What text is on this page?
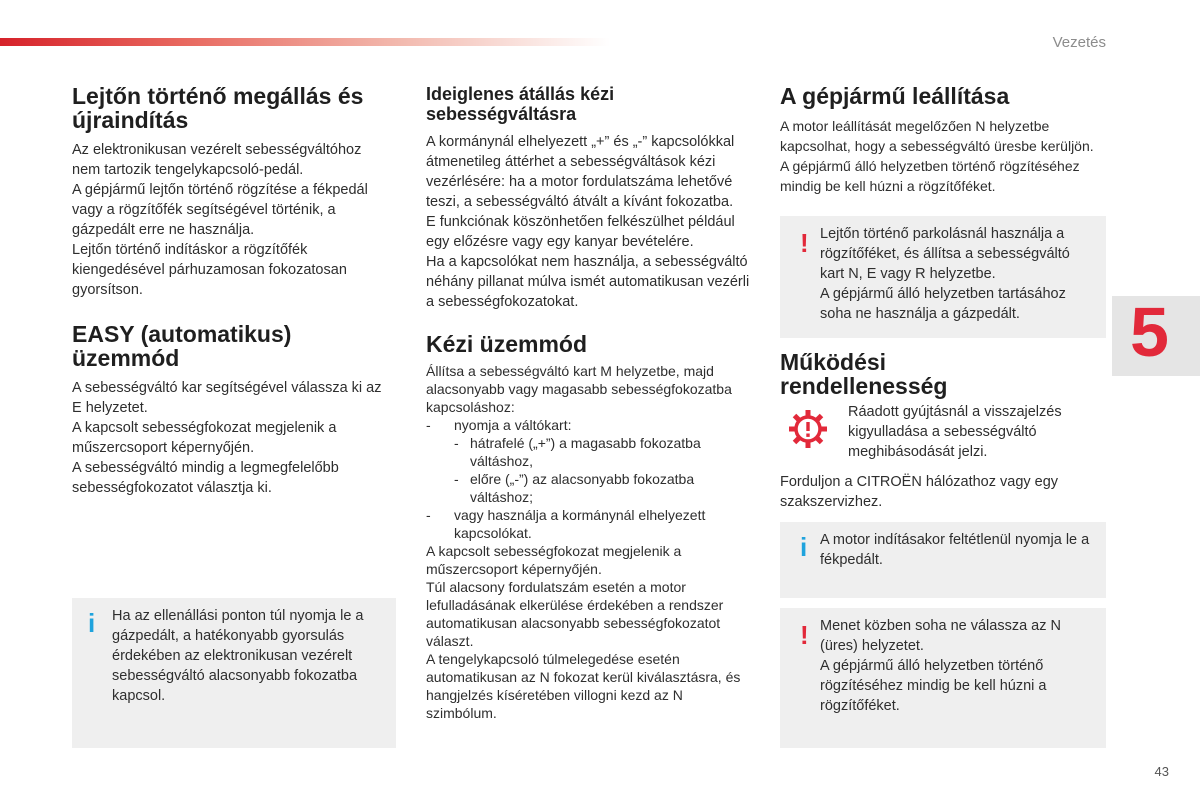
Vezetés
5
43
Lejtőn történő megállás és újraindítás

Az elektronikusan vezérelt sebességváltóhoz nem tartozik tengelykapcsoló-pedál.

A gépjármű lejtőn történő rögzítése a fékpedál vagy a rögzítőfék segítségével történik, a gázpedált erre ne használja.

Lejtőn történő indításkor a rögzítőfék kiengedésével párhuzamosan fokozatosan gyorsítson.

EASY (automatikus) üzemmód

A sebességváltó kar segítségével válassza ki az E helyzetet.

A kapcsolt sebességfokozat megjelenik a műszercsoport képernyőjén.

A sebességváltó mindig a legmegfelelőbb sebességfokozatot választja ki.

i Ha az ellenállási ponton túl nyomja le a gázpedált, a hatékonyabb gyorsulás érdekében az elektronikusan vezérelt sebességváltó alacsonyabb fokozatba kapcsol.

Ideiglenes átállás kézi sebességváltásra

A kormánynál elhelyezett „+” és „-” kapcsolókkal átmenetileg áttérhet a sebességváltások kézi vezérlésére: ha a motor fordulatszáma lehetővé teszi, a sebességváltó átvált a kívánt fokozatba.

E funkciónak köszönhetően felkészülhet például egy előzésre vagy egy kanyar bevételére.

Ha a kapcsolókat nem használja, a sebességváltó néhány pillanat múlva ismét automatikusan vezérli a sebességfokozatokat.

Kézi üzemmód

Állítsa a sebességváltó kart M helyzetbe, majd alacsonyabb vagy magasabb sebességfokozatba kapcsoláshoz:

- nyomja a váltókart:

- hátrafelé („+”) a magasabb fokozatba váltáshoz,

- előre („-”) az alacsonyabb fokozatba váltáshoz;

- vagy használja a kormánynál elhelyezett kapcsolókat.

A kapcsolt sebességfokozat megjelenik a műszercsoport képernyőjén.

Túl alacsony fordulatszám esetén a motor lefulladásának elkerülése érdekében a rendszer automatikusan alacsonyabb sebességfokozatot választ.

A tengelykapcsoló túlmelegedése esetén automatikusan az N fokozat kerül kiválasztásra, és hangjelzés kíséretében villogni kezd az N szimbólum.

A gépjármű leállítása

A motor leállítását megelőzően N helyzetbe kapcsolhat, hogy a sebességváltó üresbe kerüljön.

A gépjármű álló helyzetben történő rögzítéséhez mindig be kell húzni a rögzítőféket.

! Lejtőn történő parkolásnál használja a rögzítőféket, és állítsa a sebességváltó kart N, E vagy R helyzetbe.

A gépjármű álló helyzetben tartásához soha ne használja a gázpedált.

Működési rendellenesség

Ráadott gyújtásnál a visszajelzés kigyulladása a sebességváltó meghibásodását jelzi.

Forduljon a CITROËN hálózathoz vagy egy szakszervizhez.

i A motor indításakor feltétlenül nyomja le a fékpedált.

! Menet közben soha ne válassza az N (üres) helyzetet.

A gépjármű álló helyzetben történő rögzítéséhez mindig be kell húzni a rögzítőféket.
